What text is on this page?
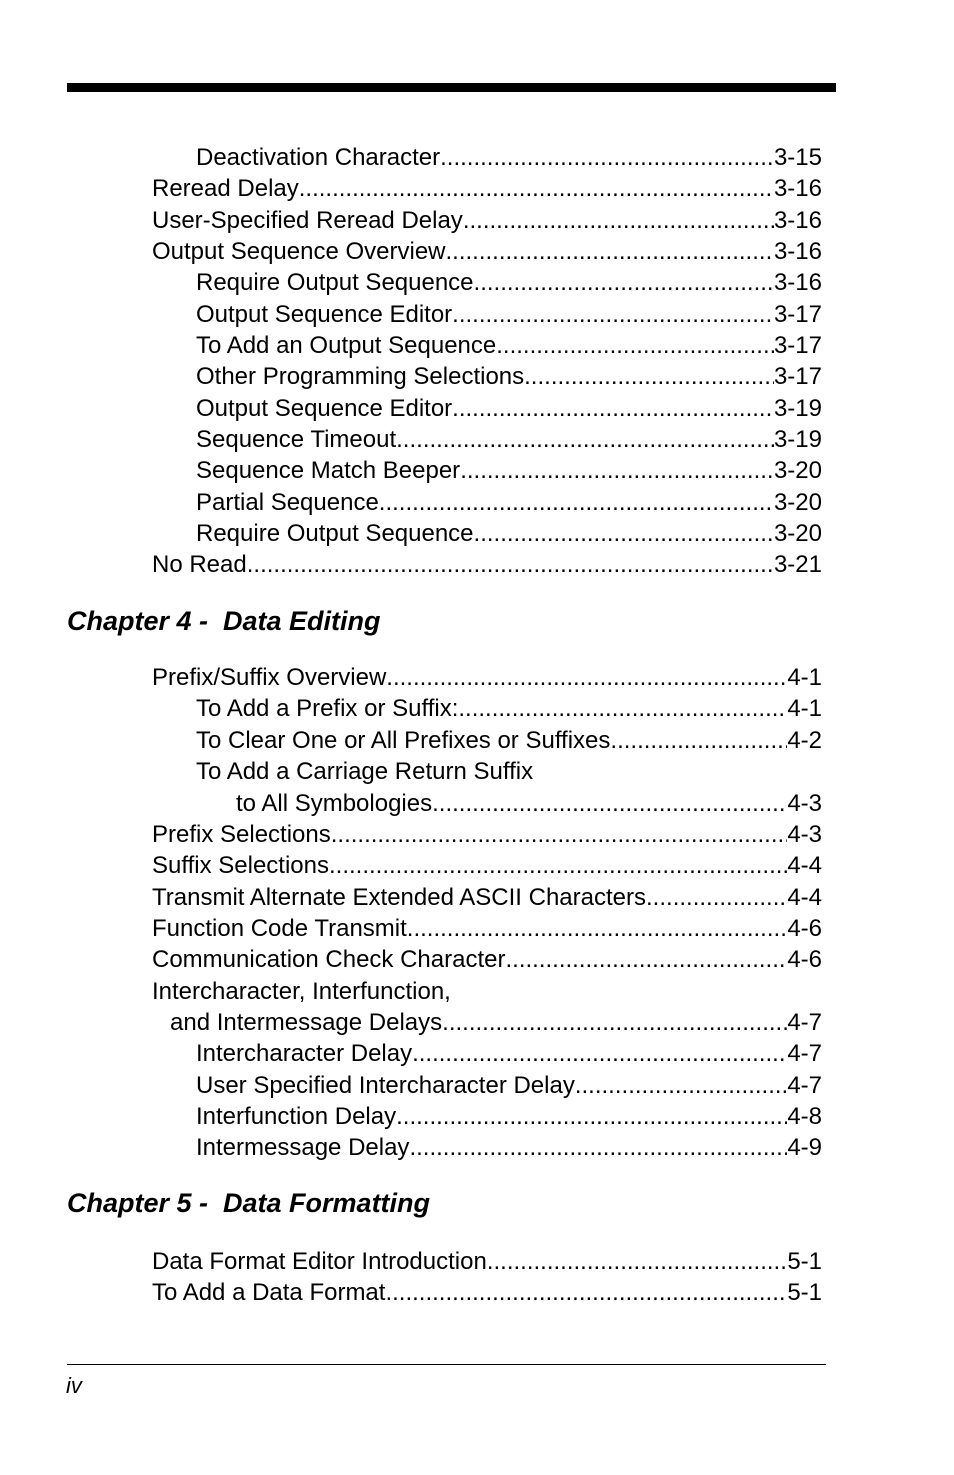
Deactivation Character .....	3-15
Reread Delay .....	3-16
User-Specified Reread Delay .....	3-16
Output Sequence Overview .....	3-16
Require Output Sequence .....	3-16
Output Sequence Editor .....	3-17
To Add an Output Sequence .....	3-17
Other Programming Selections .....	3-17
Output Sequence Editor .....	3-19
Sequence Timeout .....	3-19
Sequence Match Beeper .....	3-20
Partial Sequence .....	3-20
Require Output Sequence .....	3-20
No Read .....	3-21
Chapter 4 -  Data Editing
Prefix/Suffix Overview .....	4-1
To Add a Prefix or Suffix: .....	4-1
To Clear One or All Prefixes or Suffixes .....	4-2
To Add a Carriage Return Suffix
to All Symbologies .....	4-3
Prefix Selections .....	4-3
Suffix Selections .....	4-4
Transmit Alternate Extended ASCII Characters .....	4-4
Function Code Transmit .....	4-6
Communication Check Character .....	4-6
Intercharacter, Interfunction,
and Intermessage Delays .....	4-7
Intercharacter Delay .....	4-7
User Specified Intercharacter Delay .....	4-7
Interfunction Delay .....	4-8
Intermessage Delay .....	4-9
Chapter 5 -  Data Formatting
Data Format Editor Introduction .....	5-1
To Add a Data Format .....	5-1
iv
